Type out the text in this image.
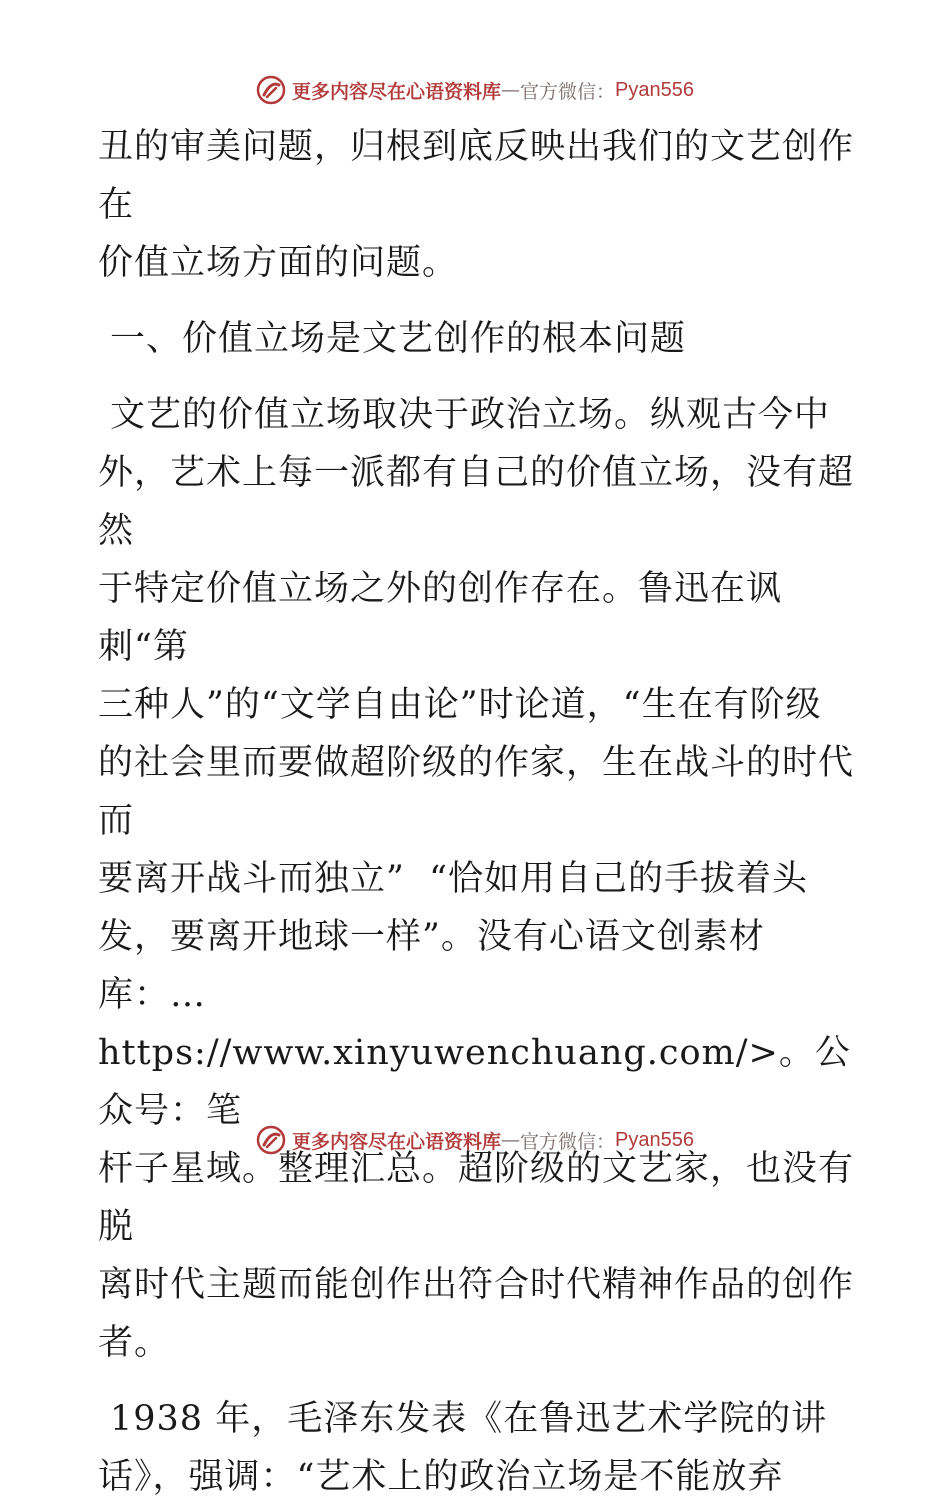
更多内容尽在心语资料库 — 官方微信： Pyan556

丑的审美问题，归根到底反映出我们的文艺创作在

价值立场方面的问题。

一、价值立场是文艺创作的根本问题

文艺的价值立场取决于政治立场。纵观古今中

外，艺术上每一派都有自己的价值立场，没有超然

于特定价值立场之外的创作存在。鲁迅在讽刺“第

三种人”的“文学自由论”时论道，“生在有阶级

的社会里而要做超阶级的作家，生在战斗的时代而

要离开战斗而独立”  “恰如用自己的手拔着头

发，要离开地球一样”。没有心语文创素材库：…

https://www.xinyuwenchuang.com/>。公众号：笔

杆子星域。整理汇总。超阶级的文艺家，也没有脱

离时代主题而能创作出符合时代精神作品的创作

者。

1938 年，毛泽东发表《在鲁迅艺术学院的讲

话》，强调：“艺术上的政治立场是不能放弃

更多内容尽在心语资料库 — 官方微信： Pyan556
